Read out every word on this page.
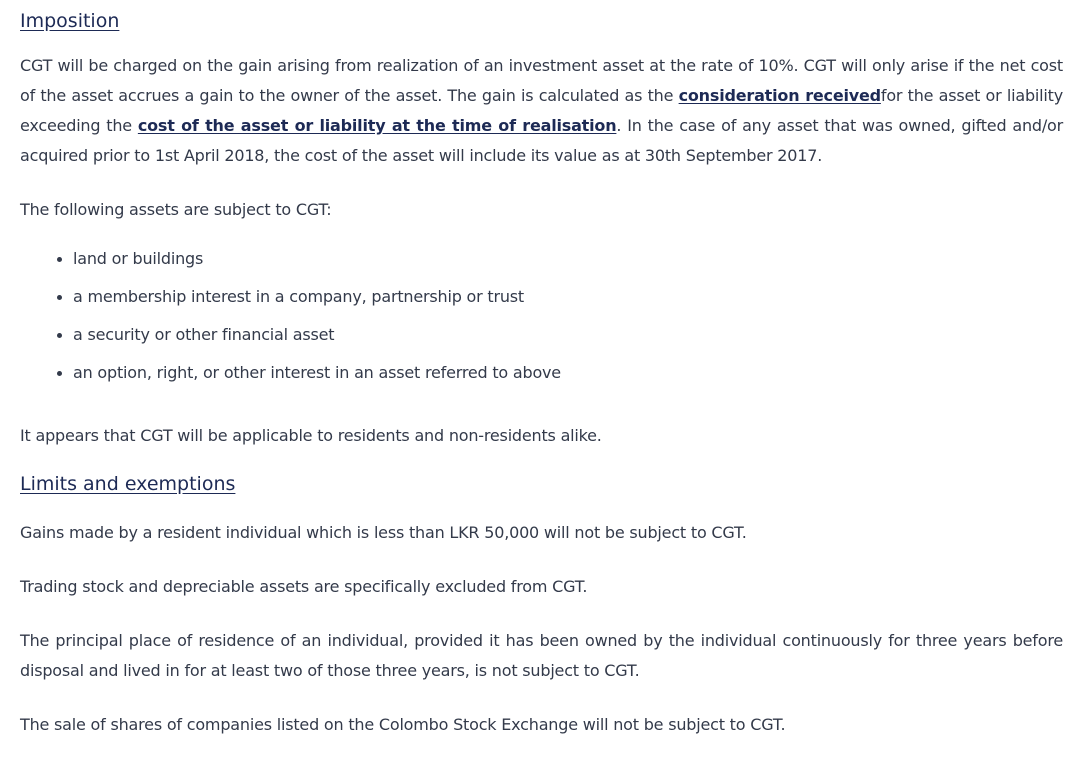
Imposition

CGT will be charged on the gain arising from realization of an investment asset at the rate of 10%. CGT will only arise if the net cost of the asset accrues a gain to the owner of the asset. The gain is calculated as the consideration receivedfor the asset or liability exceeding the cost of the asset or liability at the time of realisation. In the case of any asset that was owned, gifted and/or acquired prior to 1st April 2018, the cost of the asset will include its value as at 30th September 2017.

The following assets are subject to CGT:

land or buildings
a membership interest in a company, partnership or trust
a security or other financial asset
an option, right, or other interest in an asset referred to above

It appears that CGT will be applicable to residents and non-residents alike.

Limits and exemptions

Gains made by a resident individual which is less than LKR 50,000 will not be subject to CGT.

Trading stock and depreciable assets are specifically excluded from CGT.

The principal place of residence of an individual, provided it has been owned by the individual continuously for three years before disposal and lived in for at least two of those three years, is not subject to CGT.

The sale of shares of companies listed on the Colombo Stock Exchange will not be subject to CGT.
